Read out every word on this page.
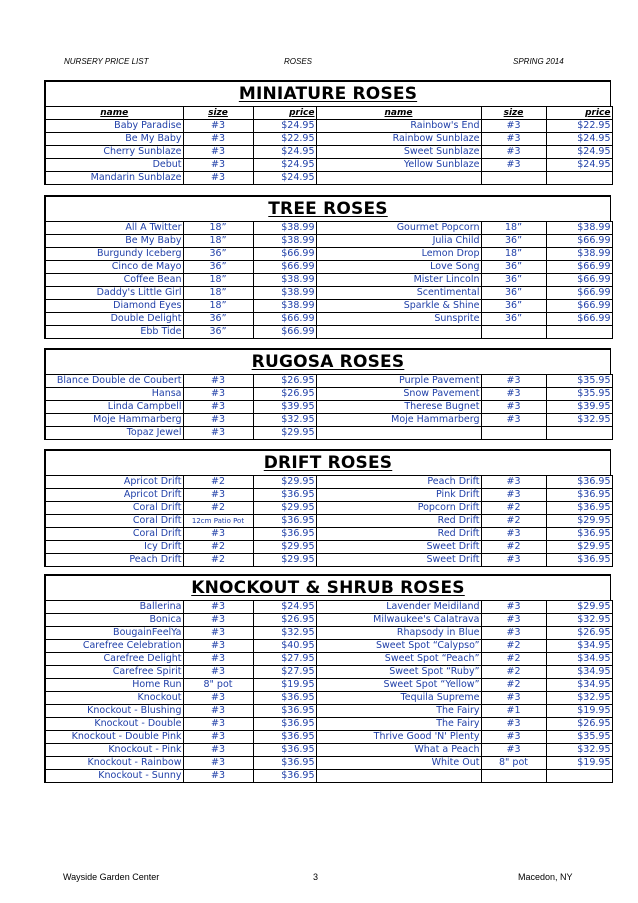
NURSERY PRICE LIST	ROSES	SPRING 2014
MINIATURE ROSES
name	size	price	name	size	price
Baby Paradise	#3	$24.95	Rainbow's End	#3	$22.95
Be My Baby	#3	$22.95	Rainbow Sunblaze	#3	$24.95
Cherry Sunblaze	#3	$24.95	Sweet Sunblaze	#3	$24.95
Debut	#3	$24.95	Yellow Sunblaze	#3	$24.95
Mandarin Sunblaze	#3	$24.95			
TREE ROSES
All A Twitter	18”	$38.99	Gourmet Popcorn	18”	$38.99
Be My Baby	18”	$38.99	Julia Child	36”	$66.99
Burgundy Iceberg	36”	$66.99	Lemon Drop	18”	$38.99
Cinco de Mayo	36”	$66.99	Love Song	36”	$66.99
Coffee Bean	18”	$38.99	Mister Lincoln	36”	$66.99
Daddy's Little Girl	18”	$38.99	Scentimental	36”	$66.99
Diamond Eyes	18”	$38.99	Sparkle & Shine	36”	$66.99
Double Delight	36”	$66.99	Sunsprite	36”	$66.99
Ebb Tide	36”	$66.99			
RUGOSA ROSES
Blance Double de Coubert	#3	$26.95	Purple Pavement	#3	$35.95
Hansa	#3	$26.95	Snow Pavement	#3	$35.95
Linda Campbell	#3	$39.95	Therese Bugnet	#3	$39.95
Moje Hammarberg	#3	$32.95	Moje Hammarberg	#3	$32.95
Topaz Jewel	#3	$29.95			
DRIFT ROSES
Apricot Drift	#2	$29.95	Peach Drift	#3	$36.95
Apricot Drift	#3	$36.95	Pink Drift	#3	$36.95
Coral Drift	#2	$29.95	Popcorn Drift	#2	$36.95
Coral Drift	12cm Patio Pot	$36.95	Red Drift	#2	$29.95
Coral Drift	#3	$36.95	Red Drift	#3	$36.95
Icy Drift	#2	$29.95	Sweet Drift	#2	$29.95
Peach Drift	#2	$29.95	Sweet Drift	#3	$36.95
KNOCKOUT & SHRUB ROSES
Ballerina	#3	$24.95	Lavender Meidiland	#3	$29.95
Bonica	#3	$26.95	Milwaukee's Calatrava	#3	$32.95
BougainFeelYa	#3	$32.95	Rhapsody in Blue	#3	$26.95
Carefree Celebration	#3	$40.95	Sweet Spot “Calypso”	#2	$34.95
Carefree Delight	#3	$27.95	Sweet Spot “Peach”	#2	$34.95
Carefree Spirit	#3	$27.95	Sweet Spot “Ruby”	#2	$34.95
Home Run	8" pot	$19.95	Sweet Spot “Yellow”	#2	$34.95
Knockout	#3	$36.95	Tequila Supreme	#3	$32.95
Knockout - Blushing	#3	$36.95	The Fairy	#1	$19.95
Knockout - Double	#3	$36.95	The Fairy	#3	$26.95
Knockout - Double Pink	#3	$36.95	Thrive Good 'N' Plenty	#3	$35.95
Knockout - Pink	#3	$36.95	What a Peach	#3	$32.95
Knockout - Rainbow	#3	$36.95	White Out	8" pot	$19.95
Knockout - Sunny	#3	$36.95			
Wayside Garden Center	3	Macedon, NY
